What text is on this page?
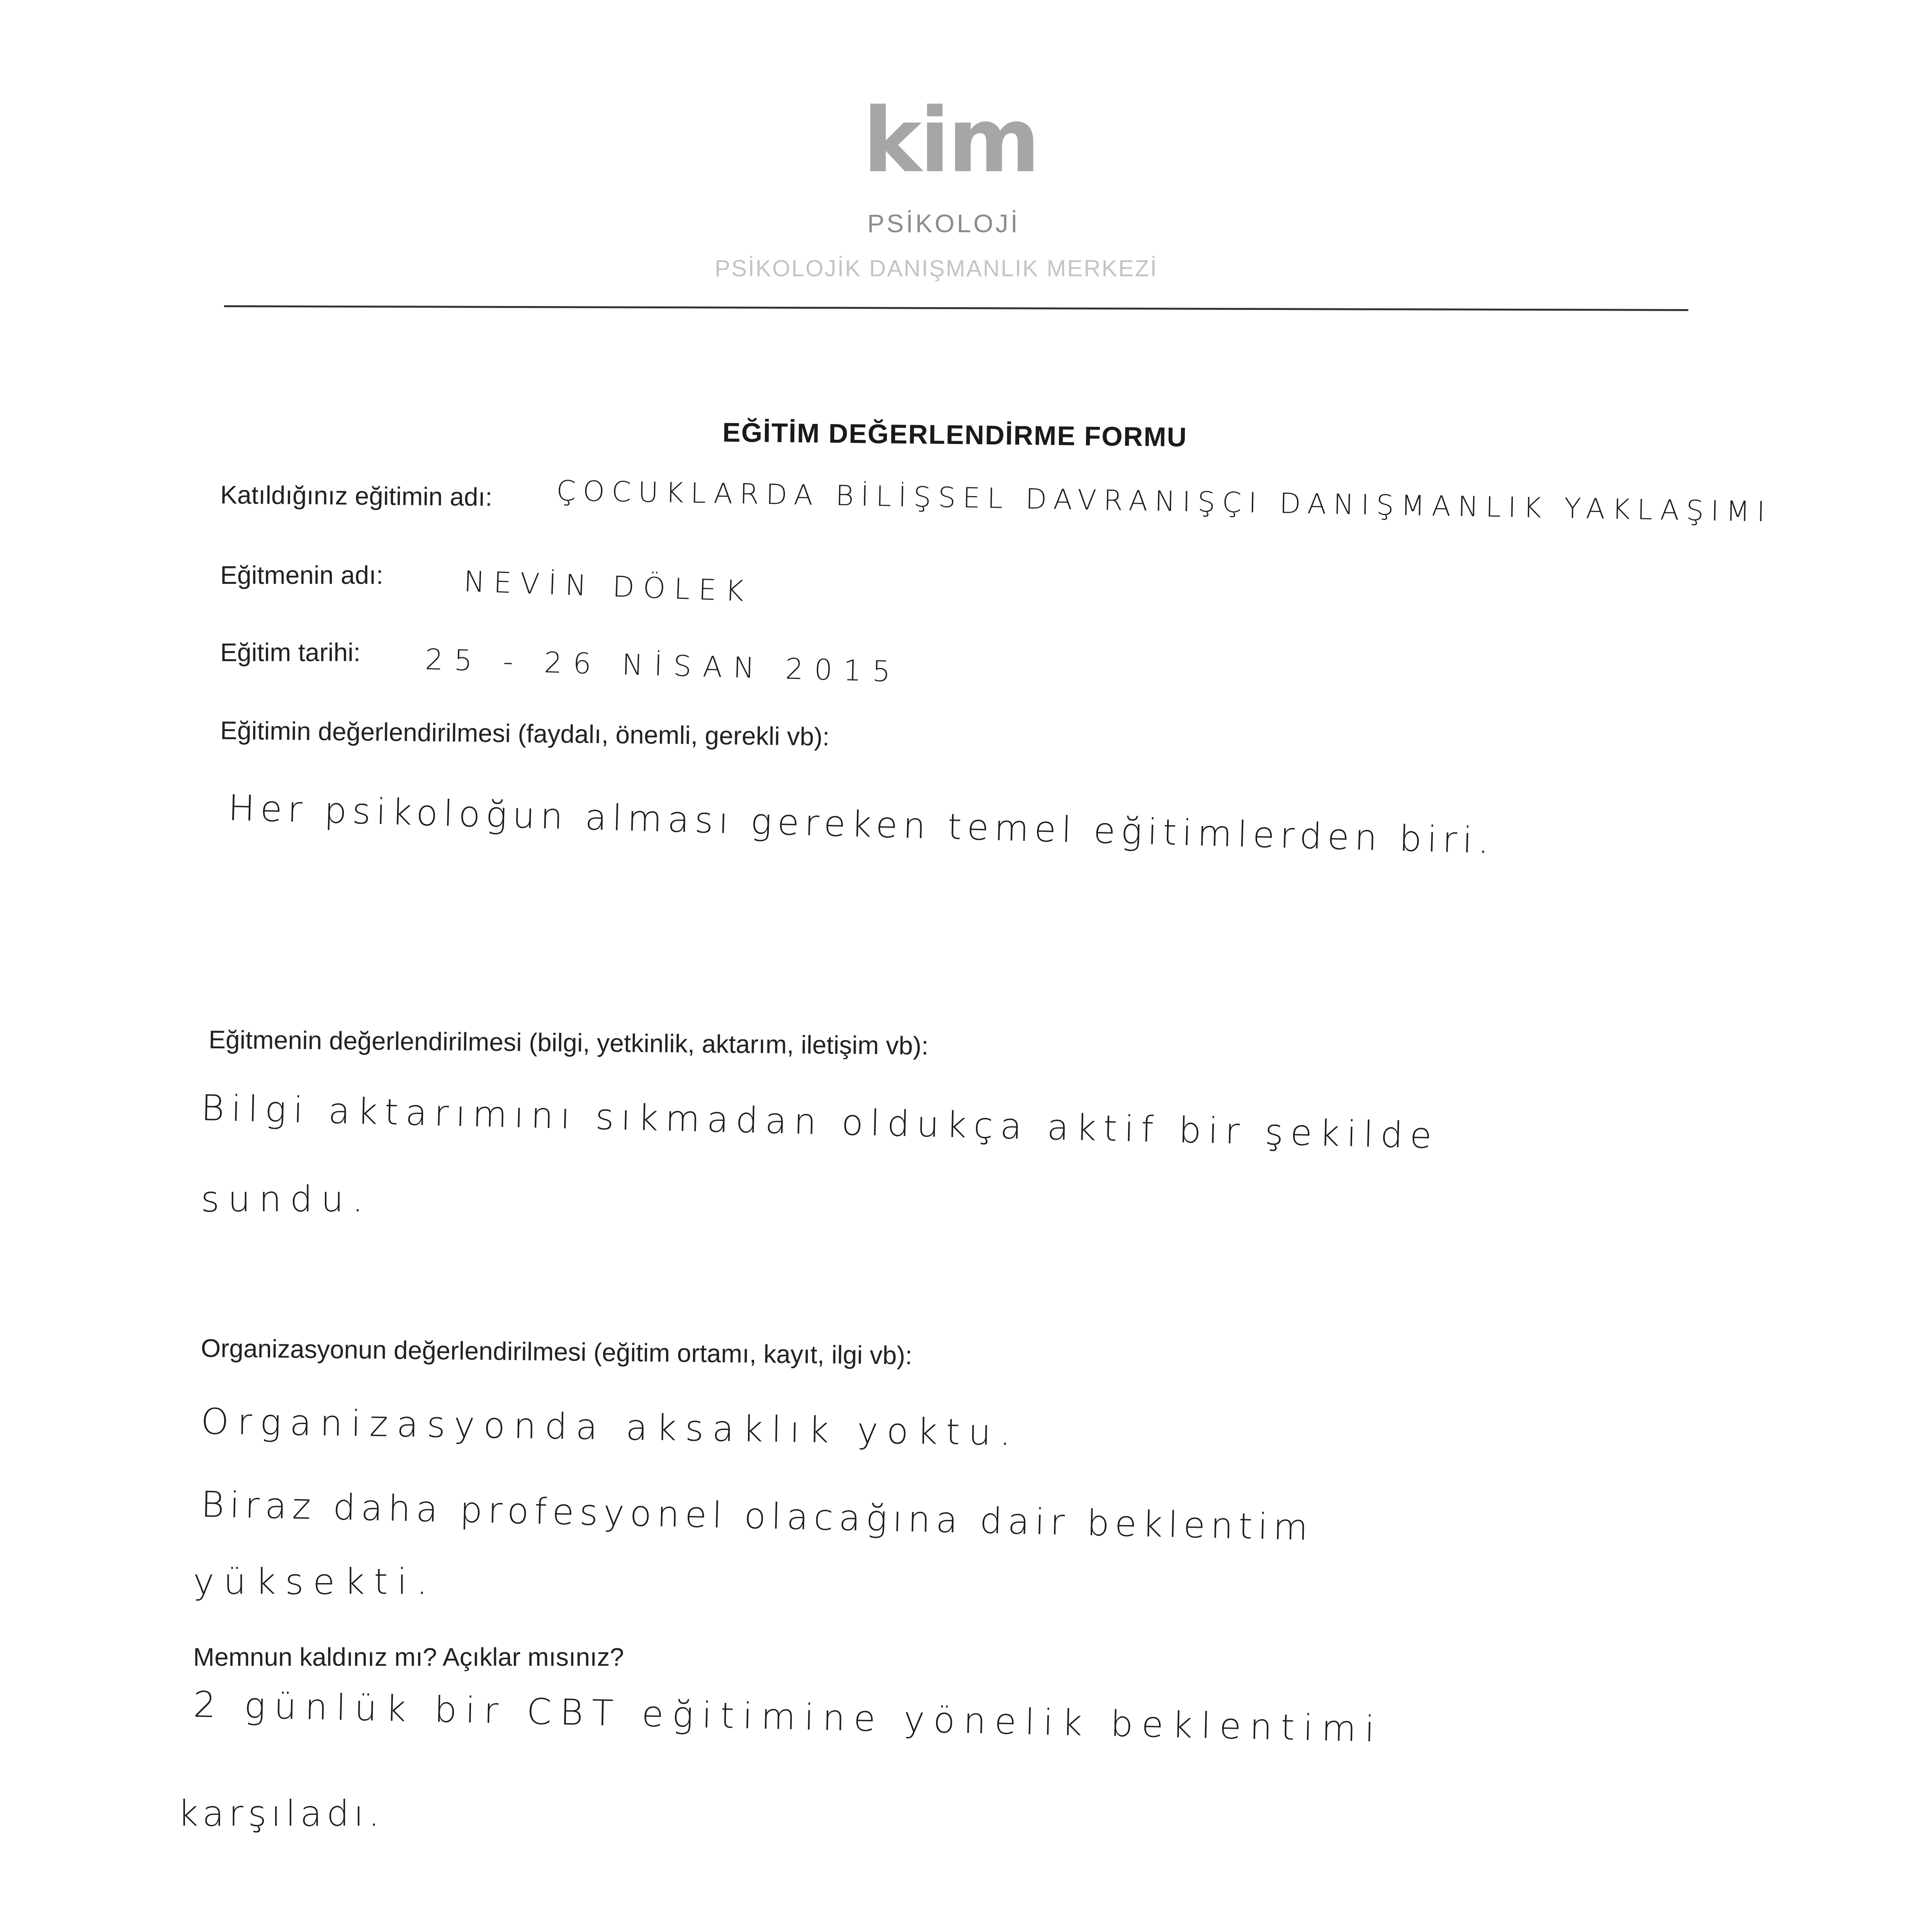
kim
PSİKOLOJİ
PSİKOLOJİK DANIŞMANLIK MERKEZİ
EĞİTİM DEĞERLENDİRME FORMU
Katıldığınız eğitimin adı: ÇOCUKLARDA BİLİŞSEL DAVRANIŞÇI DANIŞMANLIK YAKLAŞIMI
Eğitmenin adı:	NEVİN DÖLEK
Eğitim tarihi: 25 - 26 NİSAN 2015
Eğitimin değerlendirilmesi (faydalı, önemli, gerekli vb):
Her psikoloğun alması gereken temel eğitimlerden biri.
Eğitmenin değerlendirilmesi (bilgi, yetkinlik, aktarım, iletişim vb):
Bilgi aktarımını sıkmadan oldukça aktif bir şekilde
sundu.
Organizasyonun değerlendirilmesi (eğitim ortamı, kayıt, ilgi vb):
Organizasyonda aksaklık yoktu.
Biraz daha profesyonel olacağına dair beklentim
yüksekti.
Memnun kaldınız mı? Açıklar mısınız?
2 günlük bir CBT eğitimine yönelik beklentimi
karşıladı.
